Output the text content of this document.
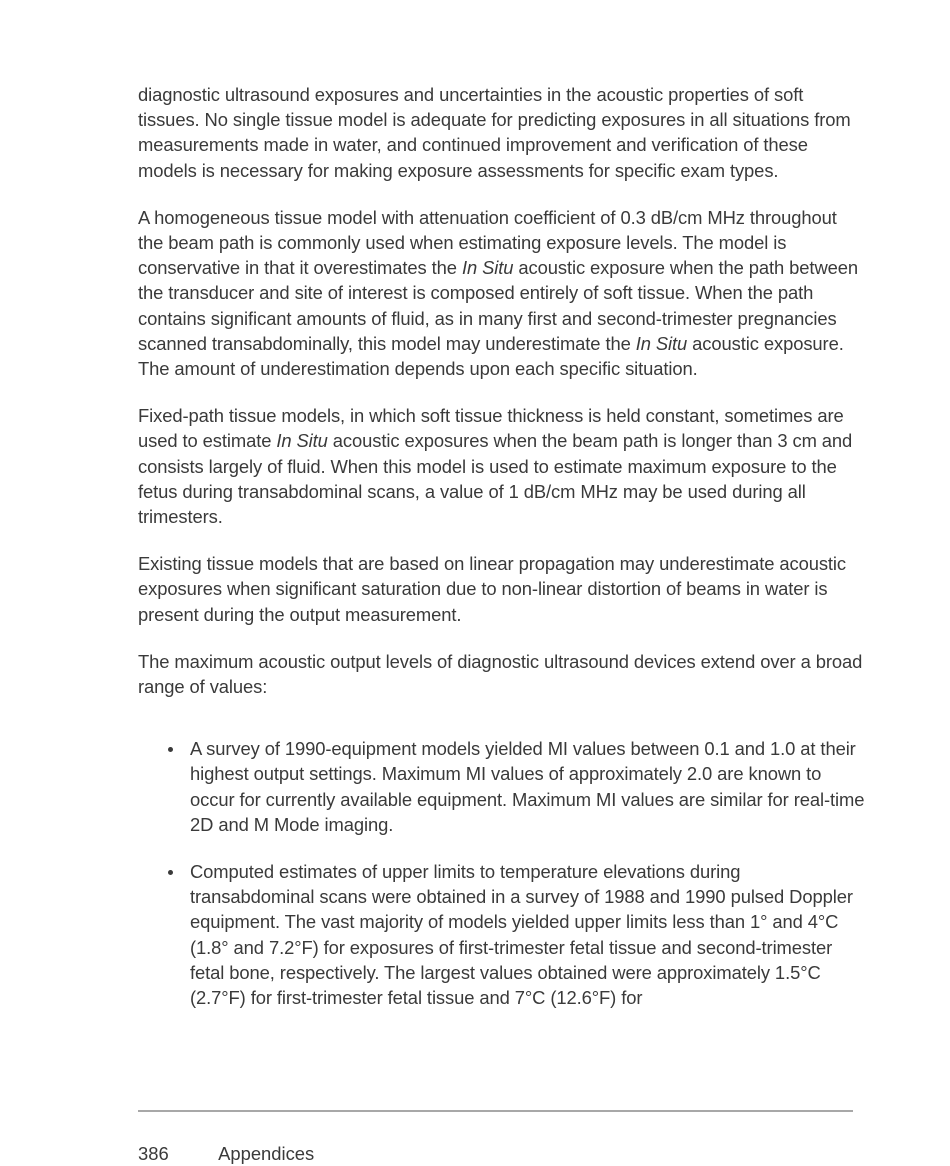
diagnostic ultrasound exposures and uncertainties in the acoustic properties of soft tissues. No single tissue model is adequate for predicting exposures in all situations from measurements made in water, and continued improvement and verification of these models is necessary for making exposure assessments for specific exam types.

A homogeneous tissue model with attenuation coefficient of 0.3 dB/cm MHz throughout the beam path is commonly used when estimating exposure levels. The model is conservative in that it overestimates the In Situ acoustic exposure when the path between the transducer and site of interest is composed entirely of soft tissue. When the path contains significant amounts of fluid, as in many first and second-trimester pregnancies scanned transabdominally, this model may underestimate the In Situ acoustic exposure. The amount of underestimation depends upon each specific situation.

Fixed-path tissue models, in which soft tissue thickness is held constant, sometimes are used to estimate In Situ acoustic exposures when the beam path is longer than 3 cm and consists largely of fluid. When this model is used to estimate maximum exposure to the fetus during transabdominal scans, a value of 1 dB/cm MHz may be used during all trimesters.

Existing tissue models that are based on linear propagation may underestimate acoustic exposures when significant saturation due to non-linear distortion of beams in water is present during the output measurement.

The maximum acoustic output levels of diagnostic ultrasound devices extend over a broad range of values:

A survey of 1990-equipment models yielded MI values between 0.1 and 1.0 at their highest output settings. Maximum MI values of approximately 2.0 are known to occur for currently available equipment. Maximum MI values are similar for real-time 2D and M Mode imaging.
Computed estimates of upper limits to temperature elevations during transabdominal scans were obtained in a survey of 1988 and 1990 pulsed Doppler equipment. The vast majority of models yielded upper limits less than 1° and 4°C (1.8° and 7.2°F) for exposures of first-trimester fetal tissue and second-trimester fetal bone, respectively. The largest values obtained were approximately 1.5°C (2.7°F) for first-trimester fetal tissue and 7°C (12.6°F) for
386	Appendices
